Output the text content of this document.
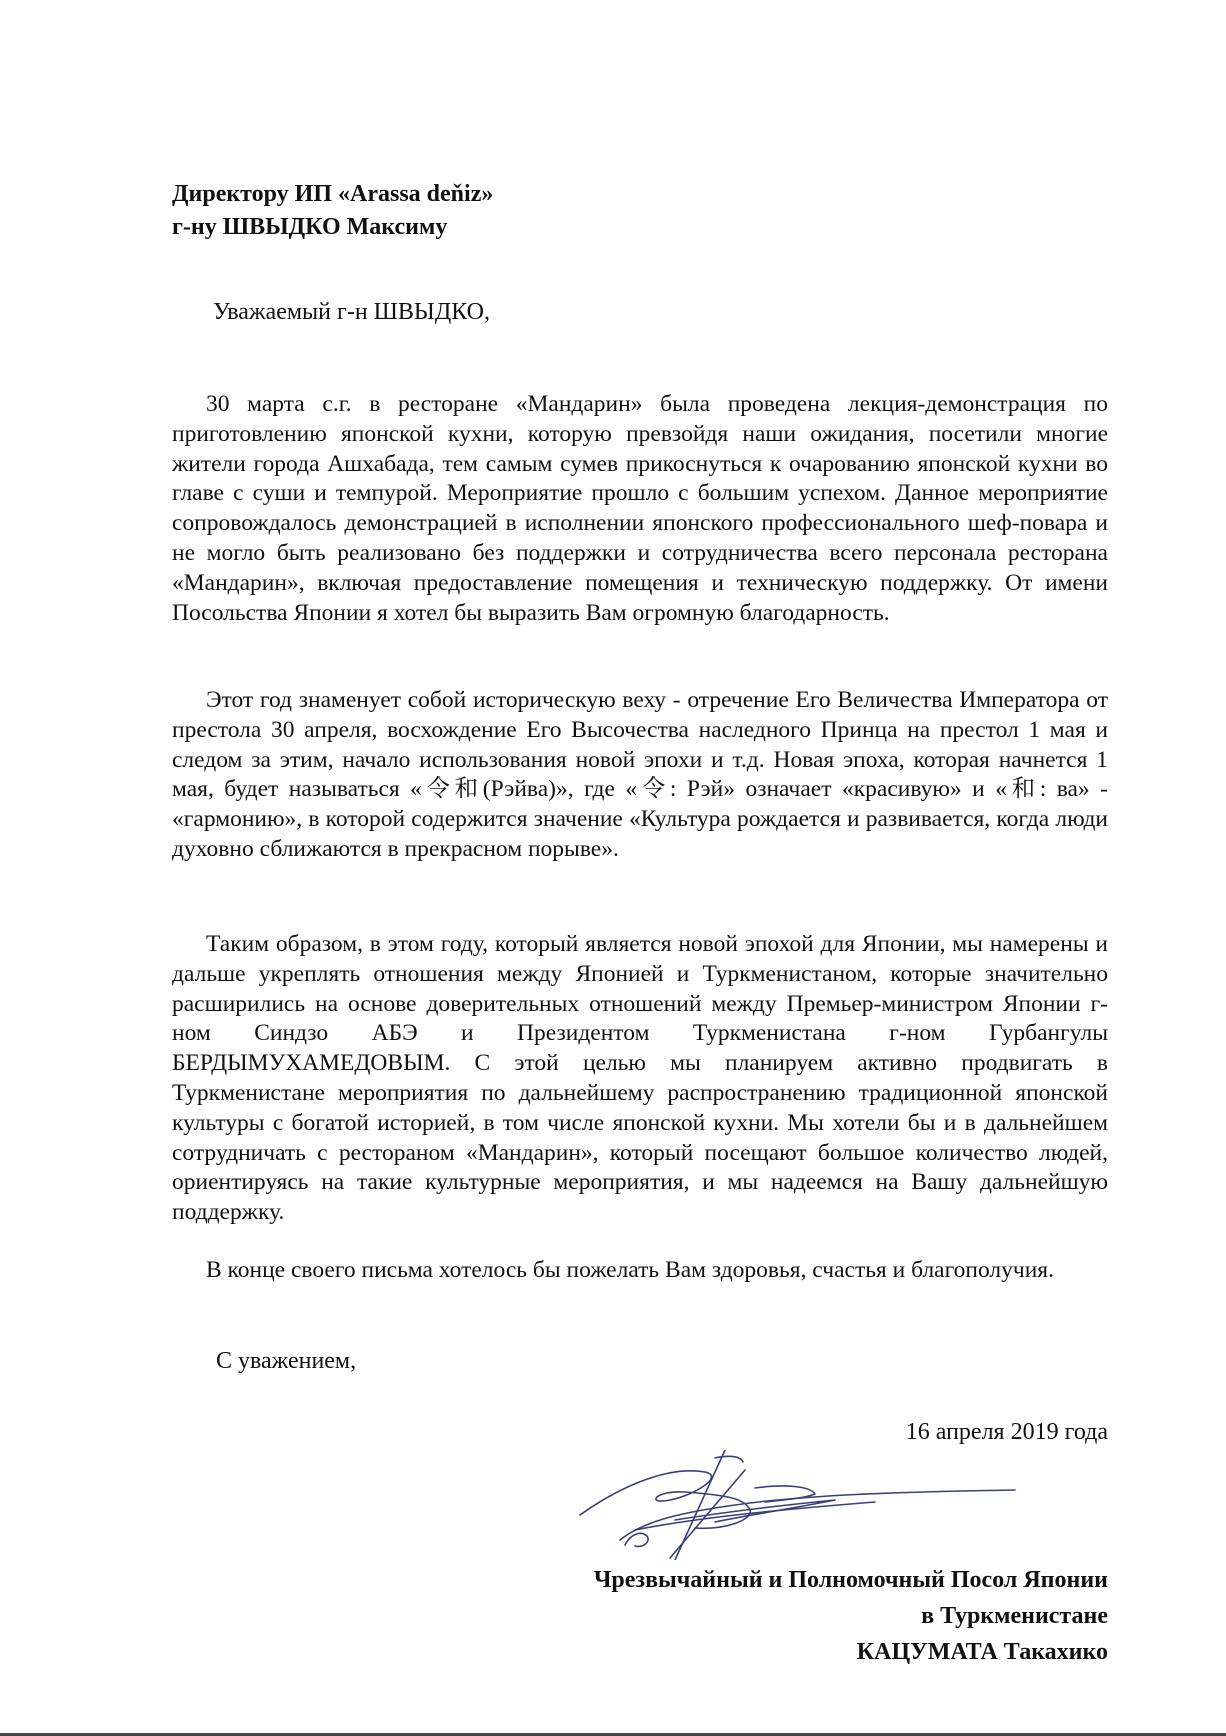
Директору ИП «Arassa deňiz»
г-ну ШВЫДКО Максиму
Уважаемый г-н ШВЫДКО,

30 марта с.г. в ресторане «Мандарин» была проведена лекция-демонстрация по приготовлению японской кухни, которую превзойдя наши ожидания, посетили многие жители города Ашхабада, тем самым сумев прикоснуться к очарованию японской кухни во главе с суши и темпурой. Мероприятие прошло с большим успехом. Данное мероприятие сопровождалось демонстрацией в исполнении японского профессионального шеф-повара и не могло быть реализовано без поддержки и сотрудничества всего персонала ресторана «Мандарин», включая предоставление помещения и техническую поддержку. От имени Посольства Японии я хотел бы выразить Вам огромную благодарность.

Этот год знаменует собой историческую веху - отречение Его Величества Императора от престола 30 апреля, восхождение Его Высочества наследного Принца на престол 1 мая и следом за этим, начало использования новой эпохи и т.д. Новая эпоха, которая начнется 1 мая, будет называться «令和(Рэйва)», где «令: Рэй» означает «красивую» и «和: ва» - «гармонию», в которой содержится значение «Культура рождается и развивается, когда люди духовно сближаются в прекрасном порыве».

Таким образом, в этом году, который является новой эпохой для Японии, мы намерены и дальше укреплять отношения между Японией и Туркменистаном, которые значительно расширились на основе доверительных отношений между Премьер-министром Японии г-ном Синдзо АБЭ и Президентом Туркменистана г-ном Гурбангулы БЕРДЫМУХАМЕДОВЫМ. С этой целью мы планируем активно продвигать в Туркменистане мероприятия по дальнейшему распространению традиционной японской культуры с богатой историей, в том числе японской кухни. Мы хотели бы и в дальнейшем сотрудничать с рестораном «Мандарин», который посещают большое количество людей, ориентируясь на такие культурные мероприятия, и мы надеемся на Вашу дальнейшую поддержку.

В конце своего письма хотелось бы пожелать Вам здоровья, счастья и благополучия.

С уважением,
16 апреля 2019 года
Чрезвычайный и Полномочный Посол Японии
в Туркменистане
КАЦУМАТА Такахико
